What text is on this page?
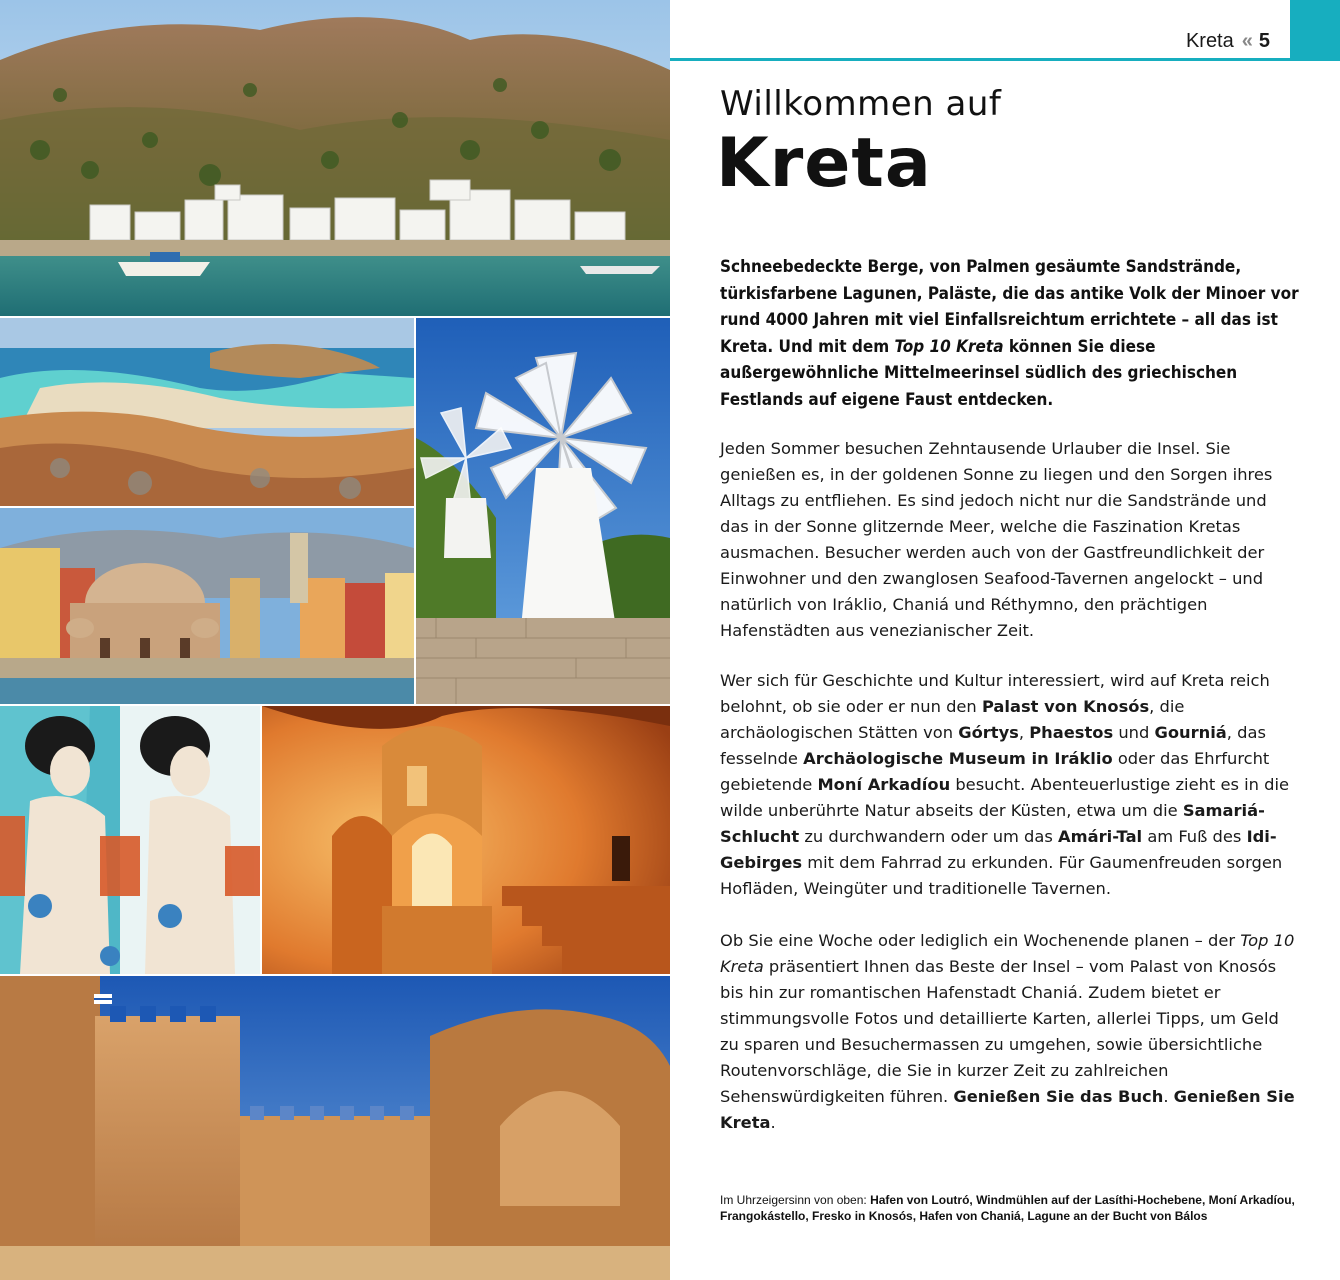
Kreta « 5
Willkommen auf
Kreta
Schneebedeckte Berge, von Palmen gesäumte Sandstrände, türkisfarbene Lagunen, Paläste, die das antike Volk der Minoer vor rund 4000 Jahren mit viel Einfallsreichtum errichtete – all das ist Kreta. Und mit dem Top 10 Kreta können Sie diese außergewöhnliche Mittelmeerinsel südlich des griechischen Festlands auf eigene Faust entdecken.
Jeden Sommer besuchen Zehntausende Urlauber die Insel. Sie genießen es, in der goldenen Sonne zu liegen und den Sorgen ihres Alltags zu entfliehen. Es sind jedoch nicht nur die Sandstrände und das in der Sonne glitzernde Meer, welche die Faszination Kretas ausmachen. Besucher werden auch von der Gastfreundlichkeit der Einwohner und den zwanglosen Seafood-Tavernen angelockt – und natürlich von Iráklio, Chaniá und Réthymno, den prächtigen Hafenstädten aus venezianischer Zeit.
Wer sich für Geschichte und Kultur interessiert, wird auf Kreta reich belohnt, ob sie oder er nun den Palast von Knosós, die archäologischen Stätten von Górtys, Phaestos und Gourniá, das fesselnde Archäologische Museum in Iráklio oder das Ehrfurcht gebietende Moní Arkadíou besucht. Abenteuerlustige zieht es in die wilde unberührte Natur abseits der Küsten, etwa um die Samariá-Schlucht zu durchwandern oder um das Amári-Tal am Fuß des Idi-Gebirges mit dem Fahrrad zu erkunden. Für Gaumenfreuden sorgen Hofläden, Weingüter und traditionelle Tavernen.
Ob Sie eine Woche oder lediglich ein Wochenende planen – der Top 10 Kreta präsentiert Ihnen das Beste der Insel – vom Palast von Knosós bis hin zur romantischen Hafenstadt Chaniá. Zudem bietet er stimmungsvolle Fotos und detaillierte Karten, allerlei Tipps, um Geld zu sparen und Besuchermassen zu umgehen, sowie übersichtliche Routenvorschläge, die Sie in kurzer Zeit zu zahlreichen Sehenswürdigkeiten führen. Genießen Sie das Buch. Genießen Sie Kreta.
Im Uhrzeigersinn von oben: Hafen von Loutró, Windmühlen auf der Lasíthi-Hochebene, Moní Arkadíou, Frangokástello, Fresko in Knosós, Hafen von Chaniá, Lagune an der Bucht von Bálos
